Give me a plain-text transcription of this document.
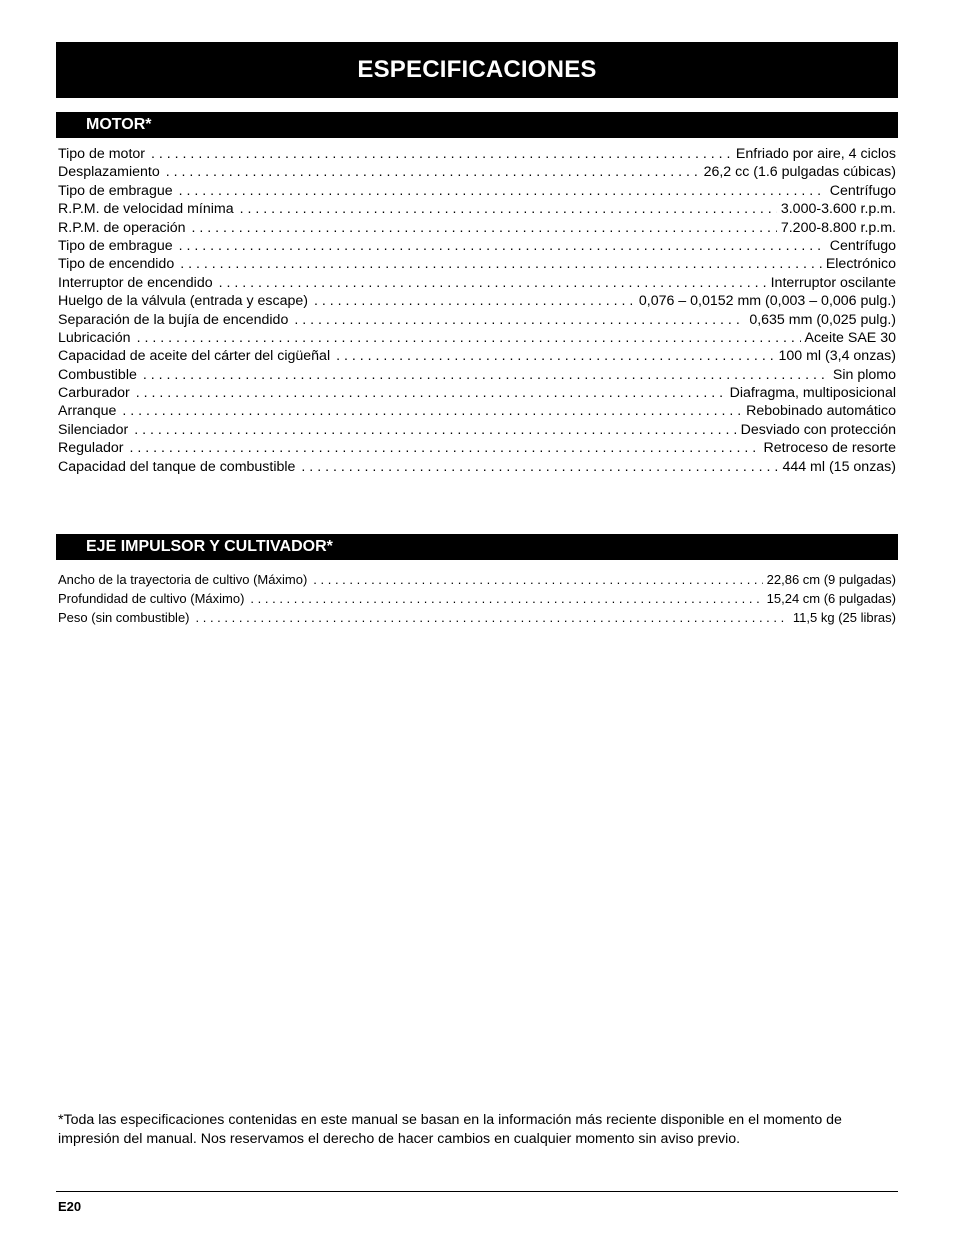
ESPECIFICACIONES
MOTOR*
Tipo de motor . . .	Enfriado por aire, 4 ciclos
Desplazamiento . . .	26,2 cc (1.6 pulgadas cúbicas)
Tipo de embrague . . .	Centrífugo
R.P.M. de velocidad mínima . . .	3.000-3.600 r.p.m.
R.P.M. de operación . . .	7.200-8.800 r.p.m.
Tipo de embrague . . .	Centrífugo
Tipo de encendido . . .	Electrónico
Interruptor de encendido . . .	Interruptor oscilante
Huelgo de la válvula (entrada y escape) . . .	0,076 – 0,0152 mm (0,003 – 0,006 pulg.)
Separación de la bujía de encendido . . .	0,635 mm (0,025 pulg.)
Lubricación . . .	Aceite SAE 30
Capacidad de aceite del cárter del cigüeñal . . .	100 ml (3,4 onzas)
Combustible . . .	Sin plomo
Carburador . . .	Diafragma, multiposicional
Arranque . . .	Rebobinado automático
Silenciador . . .	Desviado con protección
Regulador . . .	Retroceso de resorte
Capacidad del tanque de combustible . . .	444 ml (15 onzas)
EJE IMPULSOR Y CULTIVADOR*
Ancho de la trayectoria de cultivo (Máximo) . . .	22,86 cm (9 pulgadas)
Profundidad de cultivo (Máximo) . . .	15,24 cm (6 pulgadas)
Peso (sin combustible) . . .	11,5 kg (25 libras)

*Toda las especificaciones contenidas en este manual se basan en la información más reciente disponible en el momento de impresión del manual. Nos reservamos el derecho de hacer cambios en cualquier momento sin aviso previo.

E20
